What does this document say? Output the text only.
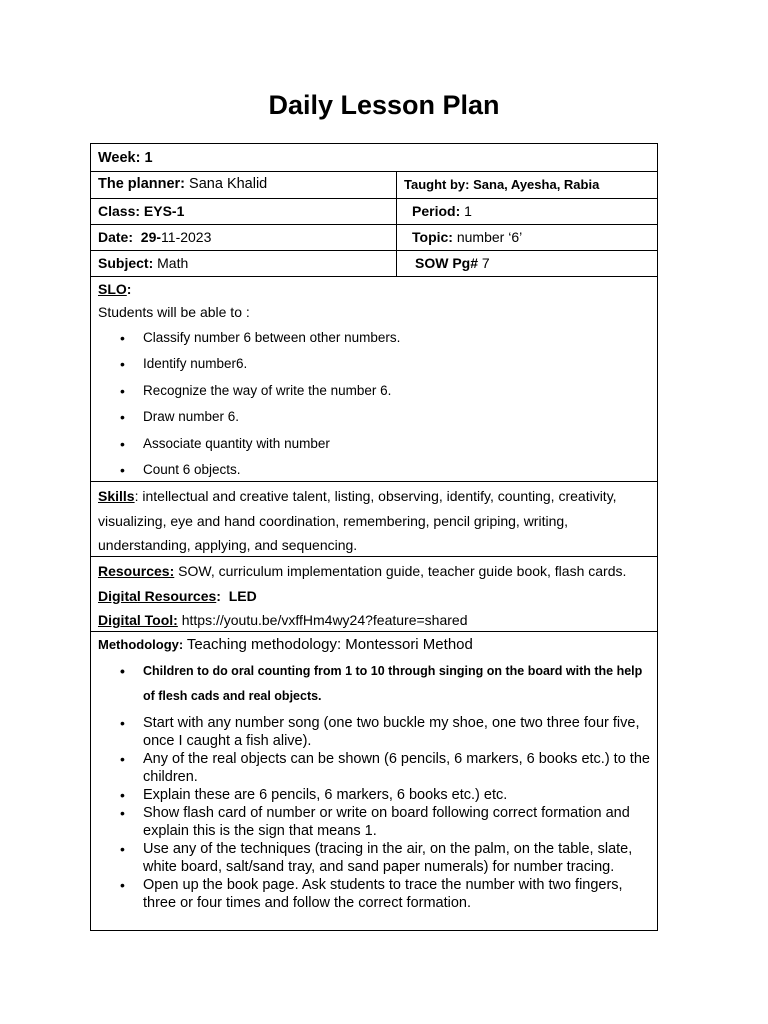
Daily Lesson Plan
Week: 1
The planner: Sana Khalid	Taught by: Sana, Ayesha, Rabia
Class: EYS-1	Period: 1
Date: 29-11-2023	Topic: number ‘6’
Subject: Math	SOW Pg# 7
SLO:
Students will be able to :
• Classify number 6 between other numbers.
• Identify number6.
• Recognize the way of write the number 6.
• Draw number 6.
• Associate quantity with number
• Count 6 objects.
Skills: intellectual and creative talent, listing, observing, identify, counting, creativity, visualizing, eye and hand coordination, remembering, pencil griping, writing, understanding, applying, and sequencing.
Resources: SOW, curriculum implementation guide, teacher guide book, flash cards.
Digital Resources: LED
Digital Tool: https://youtu.be/vxffHm4wy24?feature=shared
Methodology: Teaching methodology: Montessori Method
• Children to do oral counting from 1 to 10 through singing on the board with the help of flesh cads and real objects.
• Start with any number song (one two buckle my shoe, one two three four five, once I caught a fish alive).
• Any of the real objects can be shown (6 pencils, 6 markers, 6 books etc.) to the children.
• Explain these are 6 pencils, 6 markers, 6 books etc.) etc.
• Show flash card of number or write on board following correct formation and explain this is the sign that means 1.
• Use any of the techniques (tracing in the air, on the palm, on the table, slate, white board, salt/sand tray, and sand paper numerals) for number tracing.
• Open up the book page. Ask students to trace the number with two fingers, three or four times and follow the correct formation.
